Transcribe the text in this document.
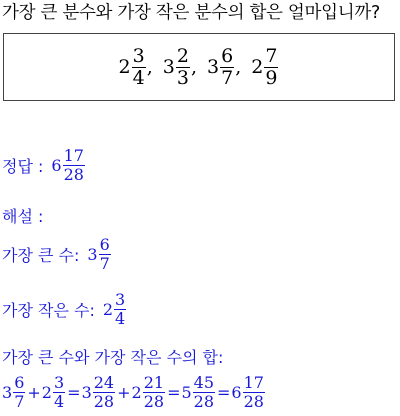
가장 큰 분수와 가장 작은 분수의 합은 얼마입니까?
$2 \frac{3}{4}$ , $3 \frac{2}{3}$ , $3 \frac{6}{7}$ , $2 \frac{7}{9}$
정답 : $6 \frac{17}{28}$
해설 :
가장 큰 수: $3 \frac{6}{7}$
가장 작은 수: $2 \frac{3}{4}$
가장 큰 수와 가장 작은 수의 합:
$3 \frac{6}{7} + 2 \frac{3}{4} = 3 \frac{24}{28} + 2 \frac{21}{28} = 5 \frac{45}{28} = 6 \frac{17}{28}$
